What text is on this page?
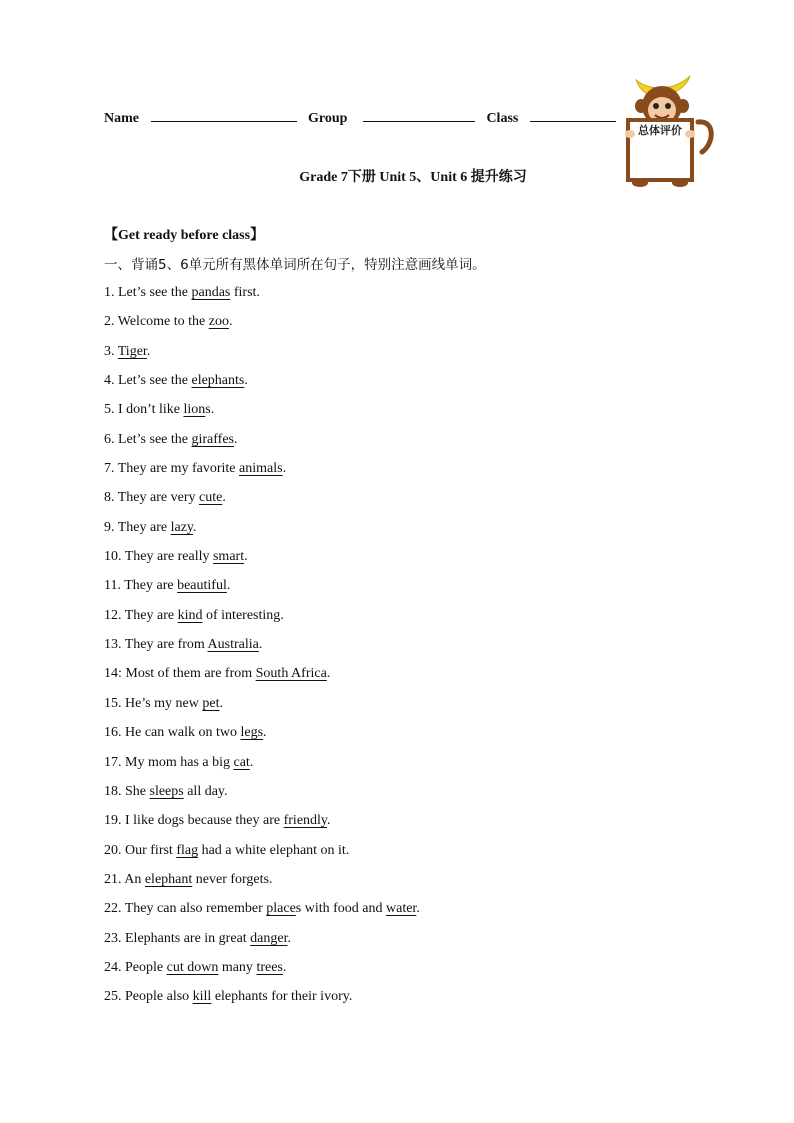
Name	Group	Class
总体评价
Grade 7下册 Unit 5、Unit 6 提升练习
【Get ready before class】
一、背诵5、6单元所有黑体单词所在句子，特别注意画线单词。
1. Let’s see the pandas first.
2. Welcome to the zoo.
3. Tiger.
4. Let’s see the elephants.
5. I don’t like lions.
6. Let’s see the giraffes.
7. They are my favorite animals.
8. They are very cute.
9. They are lazy.
10. They are really smart.
11. They are beautiful.
12. They are kind of interesting.
13. They are from Australia.
14: Most of them are from South Africa.
15. He’s my new pet.
16. He can walk on two legs.
17. My mom has a big cat.
18. She sleeps all day.
19. I like dogs because they are friendly.
20. Our first flag had a white elephant on it.
21. An elephant never forgets.
22. They can also remember places with food and water.
23. Elephants are in great danger.
24. People cut down many trees.
25. People also kill elephants for their ivory.
